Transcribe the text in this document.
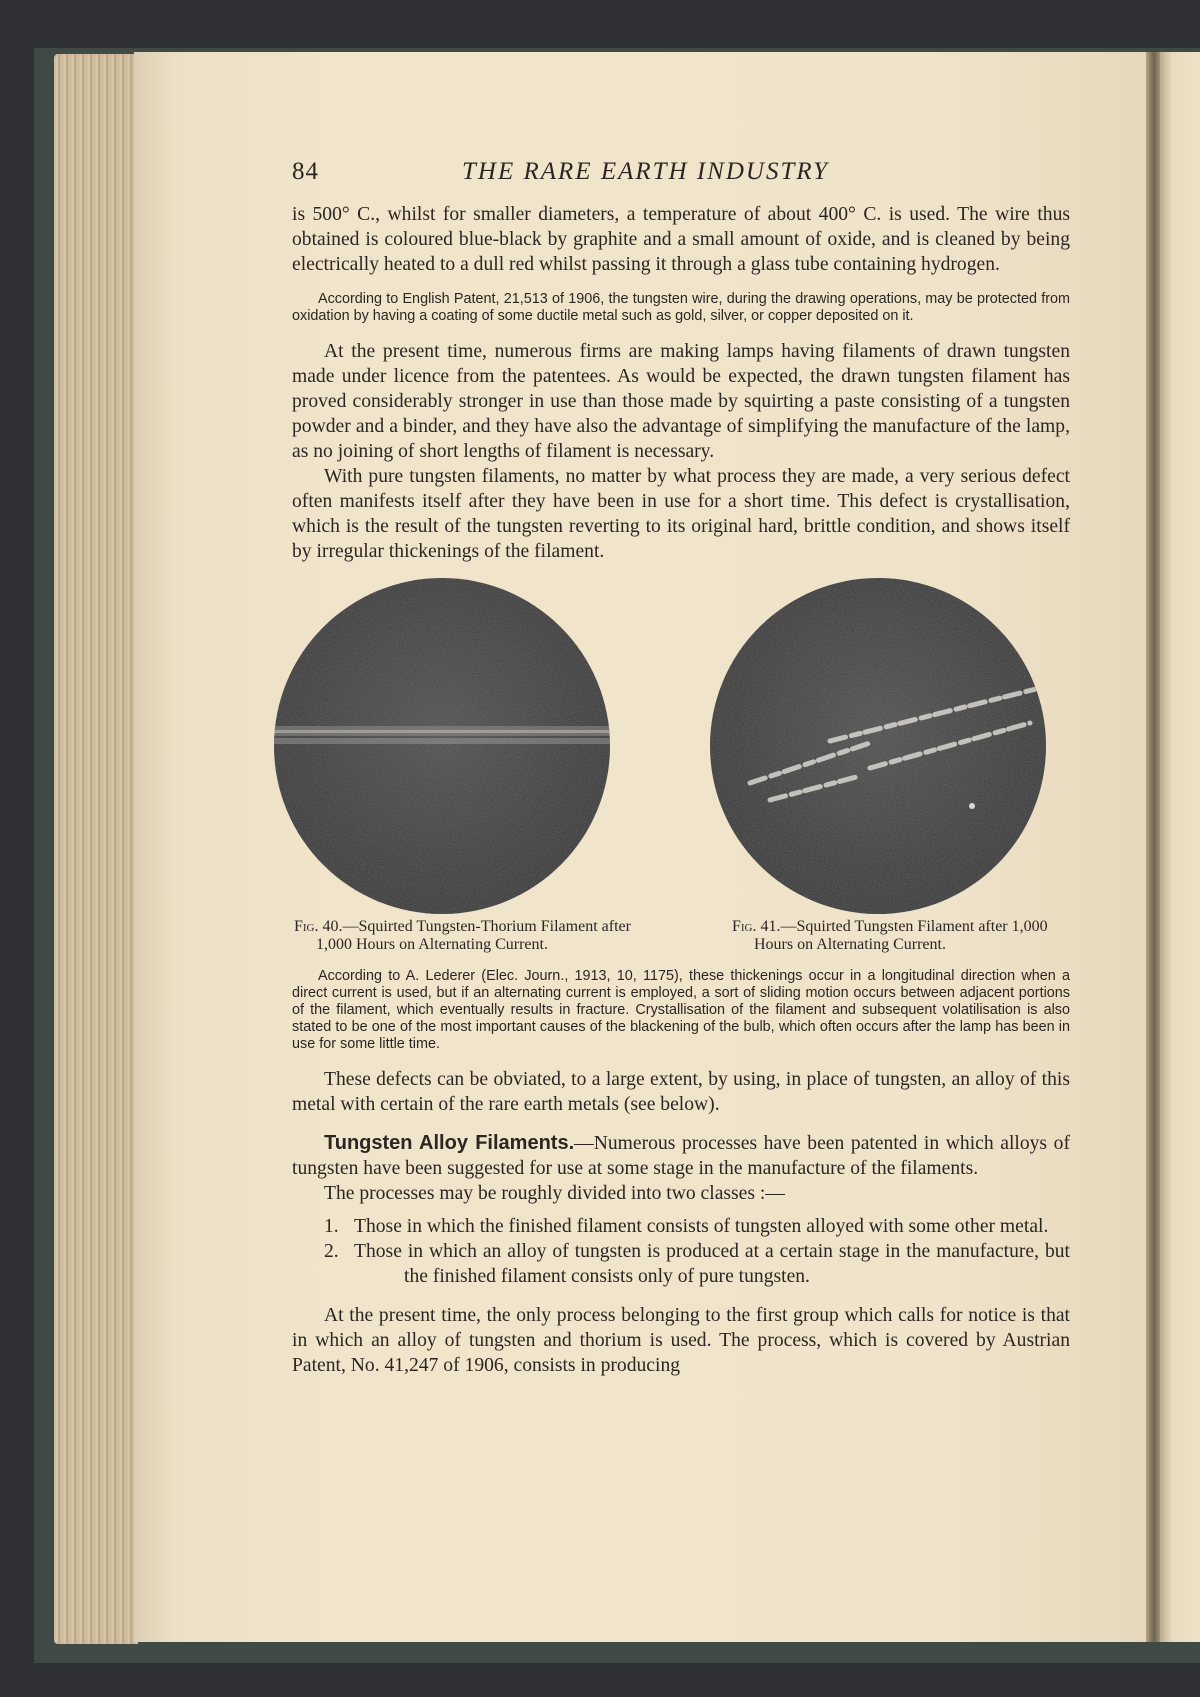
84	THE RARE EARTH INDUSTRY

is 500° C., whilst for smaller diameters, a temperature of about 400° C. is used. The wire thus obtained is coloured blue-black by graphite and a small amount of oxide, and is cleaned by being electrically heated to a dull red whilst passing it through a glass tube containing hydrogen.

According to English Patent, 21,513 of 1906, the tungsten wire, during the drawing operations, may be protected from oxidation by having a coating of some ductile metal such as gold, silver, or copper deposited on it.

At the present time, numerous firms are making lamps having filaments of drawn tungsten made under licence from the patentees. As would be expected, the drawn tungsten filament has proved considerably stronger in use than those made by squirting a paste consisting of a tungsten powder and a binder, and they have also the advantage of simplifying the manufacture of the lamp, as no joining of short lengths of filament is necessary.

With pure tungsten filaments, no matter by what process they are made, a very serious defect often manifests itself after they have been in use for a short time. This defect is crystallisation, which is the result of the tungsten reverting to its original hard, brittle condition, and shows itself by irregular thickenings of the filament.

Fig. 40.—Squirted Tungsten-Thorium Filament after 1,000 Hours on Alternating Current.

Fig. 41.—Squirted Tungsten Filament after 1,000 Hours on Alternating Current.

According to A. Lederer (Elec. Journ., 1913, 10, 1175), these thickenings occur in a longitudinal direction when a direct current is used, but if an alternating current is employed, a sort of sliding motion occurs between adjacent portions of the filament, which eventually results in fracture. Crystallisation of the filament and subsequent volatilisation is also stated to be one of the most important causes of the blackening of the bulb, which often occurs after the lamp has been in use for some little time.

These defects can be obviated, to a large extent, by using, in place of tungsten, an alloy of this metal with certain of the rare earth metals (see below).

Tungsten Alloy Filaments.—Numerous processes have been patented in which alloys of tungsten have been suggested for use at some stage in the manufacture of the filaments.

The processes may be roughly divided into two classes :—

1. Those in which the finished filament consists of tungsten alloyed with some other metal.
2. Those in which an alloy of tungsten is produced at a certain stage in the manufacture, but the finished filament consists only of pure tungsten.

At the present time, the only process belonging to the first group which calls for notice is that in which an alloy of tungsten and thorium is used. The process, which is covered by Austrian Patent, No. 41,247 of 1906, consists in producing
